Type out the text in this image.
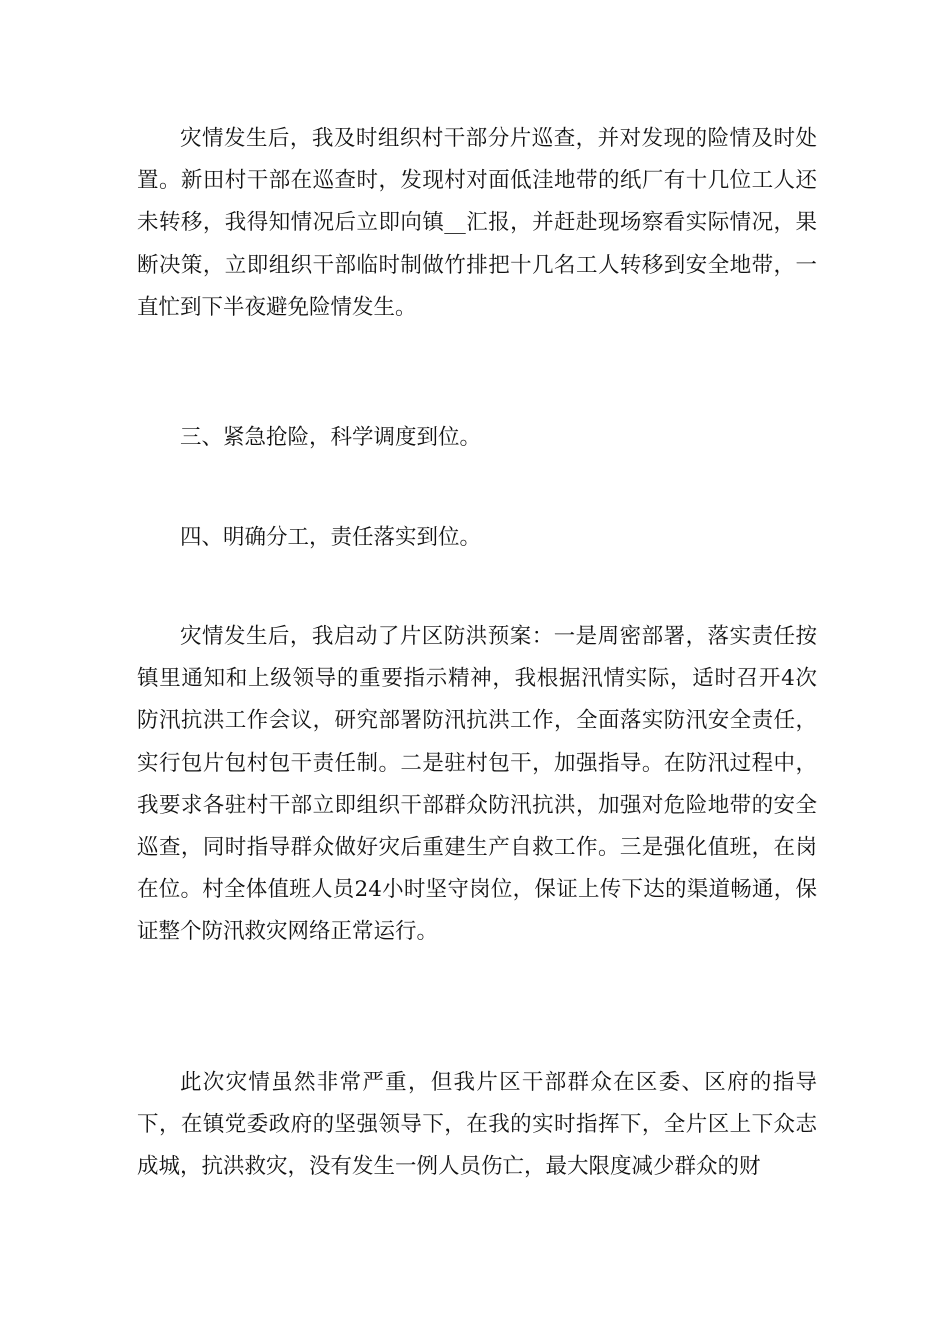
灾情发生后，我及时组织村干部分片巡查，并对发现的险情及时处置。新田村干部在巡查时，发现村对面低洼地带的纸厂有十几位工人还未转移，我得知情况后立即向镇__汇报，并赶赴现场察看实际情况，果断决策，立即组织干部临时制做竹排把十几名工人转移到安全地带，一直忙到下半夜避免险情发生。

三、紧急抢险，科学调度到位。

四、明确分工，责任落实到位。

灾情发生后，我启动了片区防洪预案：一是周密部署，落实责任按镇里通知和上级领导的重要指示精神，我根据汛情实际，适时召开4次防汛抗洪工作会议，研究部署防汛抗洪工作，全面落实防汛安全责任，实行包片包村包干责任制。二是驻村包干，加强指导。在防汛过程中，我要求各驻村干部立即组织干部群众防汛抗洪，加强对危险地带的安全巡查，同时指导群众做好灾后重建生产自救工作。三是强化值班，在岗在位。村全体值班人员24小时坚守岗位，保证上传下达的渠道畅通，保证整个防汛救灾网络正常运行。

此次灾情虽然非常严重，但我片区干部群众在区委、区府的指导下，在镇党委政府的坚强领导下，在我的实时指挥下，全片区上下众志成城，抗洪救灾，没有发生一例人员伤亡，最大限度减少群众的财
